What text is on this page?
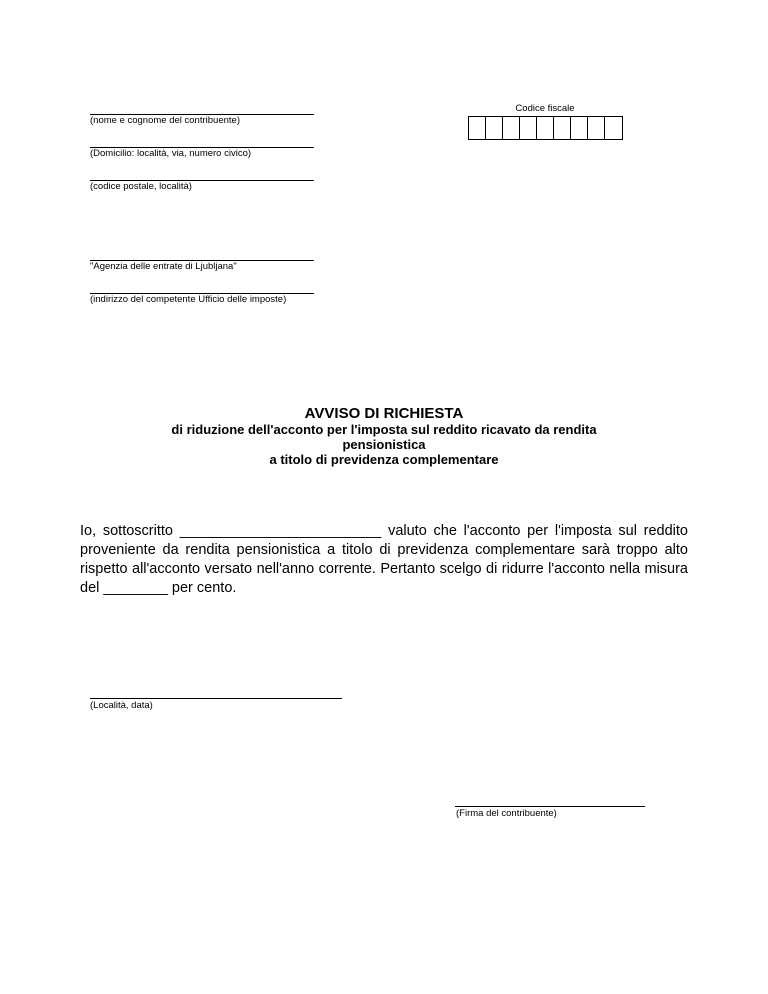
(nome e cognome del contribuente)
(Domicilio: località, via, numero civico)
(codice postale, località)
Codice fiscale
"Agenzia delle entrate di Ljubljana"
(indirizzo del competente Ufficio delle imposte)
AVVISO DI RICHIESTA
di riduzione dell'acconto per l'imposta sul reddito ricavato da rendita
pensionistica
a titolo di previdenza complementare
Io, sottoscritto _________________________ valuto che l'acconto per l'imposta sul reddito proveniente da rendita pensionistica a titolo di previdenza complementare sarà troppo alto rispetto all'acconto versato nell'anno corrente. Pertanto scelgo di ridurre l'acconto nella misura del ________ per cento.
(Località, data)
(Firma del contribuente)
